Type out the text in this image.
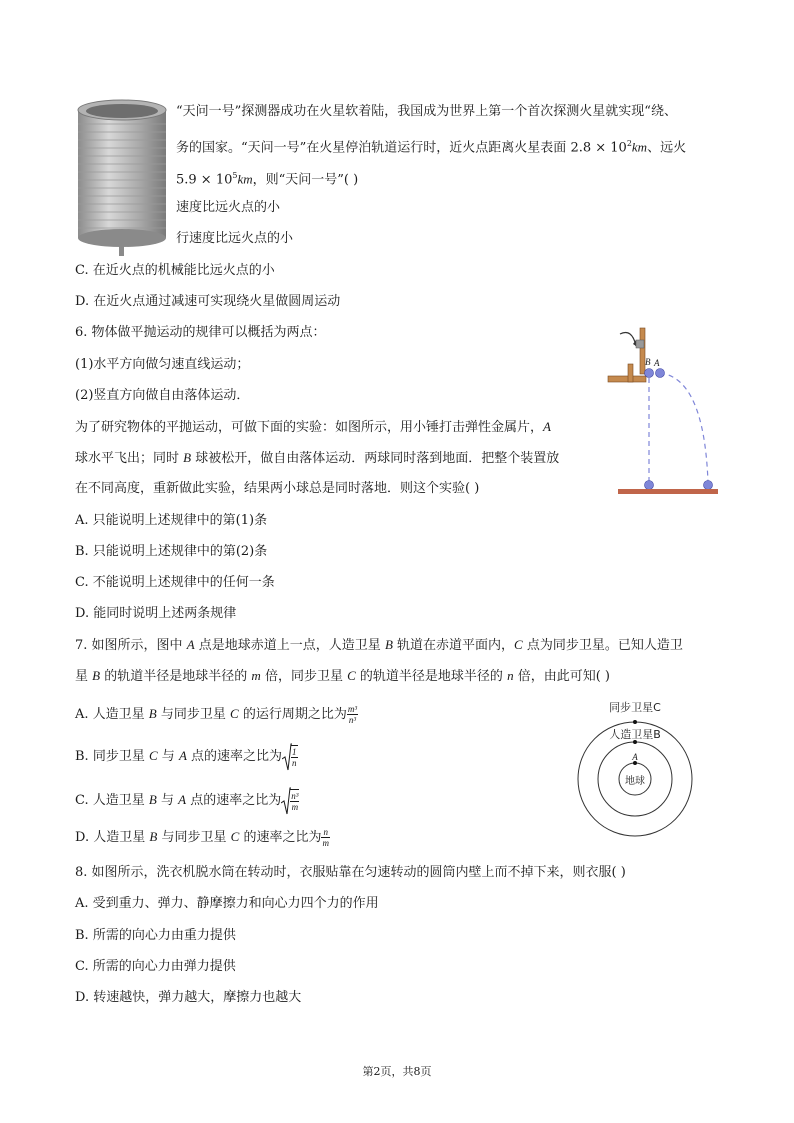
“天问一号”探测器成功在火星软着陆，我国成为世界上第一个首次探测火星就实现“绕、
务的国家。“天问一号”在火星停泊轨道运行时，近火点距离火星表面 $2.8 \times 10^2km$、远火
$5.9 \times 10^5km$，则“天问一号”( )
速度比远火点的小
行速度比远火点的小
C. 在近火点的机械能比远火点的小
D. 在近火点通过减速可实现绕火星做圆周运动
6. 物体做平抛运动的规律可以概括为两点：
(1)水平方向做匀速直线运动；
(2)竖直方向做自由落体运动．
为了研究物体的平抛运动，可做下面的实验：如图所示，用小锤打击弹性金属片，A
球水平飞出；同时 B 球被松开，做自由落体运动．两球同时落到地面．把整个装置放
在不同高度，重新做此实验，结果两小球总是同时落地．则这个实验( )
A. 只能说明上述规律中的第(1)条
B. 只能说明上述规律中的第(2)条
C. 不能说明上述规律中的任何一条
D. 能同时说明上述两条规律
B A
7. 如图所示，图中 A 点是地球赤道上一点，人造卫星 B 轨道在赤道平面内，C 点为同步卫星。已知人造卫
星 B 的轨道半径是地球半径的 m 倍，同步卫星 C 的轨道半径是地球半径的 n 倍，由此可知( )
A. 人造卫星 B 与同步卫星 C 的运行周期之比为 $\frac{\text{m³}}{\text{n³}}$
B. 同步卫星 C 与 A 点的速率之比为 $\frac{1}{n}$
C. 人造卫星 B 与 A 点的速率之比为 $\frac{\text{n³}}{m}$
D. 人造卫星 B 与同步卫星 C 的速率之比为 $\frac{n}{m}$
同步卫星C
人造卫星B
A
地球
8. 如图所示，洗衣机脱水筒在转动时，衣服贴靠在匀速转动的圆筒内壁上而不掉下来，则衣服( )
A. 受到重力、弹力、静摩擦力和向心力四个力的作用
B. 所需的向心力由重力提供
C. 所需的向心力由弹力提供
D. 转速越快，弹力越大，摩擦力也越大
第2页，共8页
